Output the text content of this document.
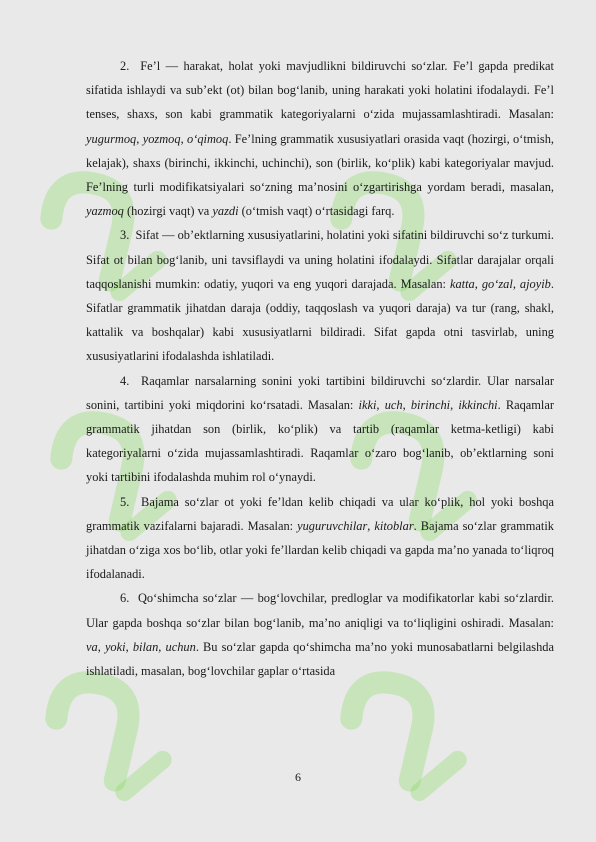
2.  Fe’l — harakat, holat yoki mavjudlikni bildiruvchi so‘zlar. Fe’l gapda predikat sifatida ishlaydi va sub’ekt (ot) bilan bog‘lanib, uning harakati yoki holatini ifodalaydi. Fe’l tenses, shaxs, son kabi grammatik kategoriyalarni o‘zida mujassamlashtiradi. Masalan: yugurmoq, yozmoq, o‘qimoq. Fe’lning grammatik xususiyatlari orasida vaqt (hozirgi, o‘tmish, kelajak), shaxs (birinchi, ikkinchi, uchinchi), son (birlik, ko‘plik) kabi kategoriyalar mavjud. Fe’lning turli modifikatsiyalari so‘zning ma’nosini o‘zgartirishga yordam beradi, masalan, yazmoq (hozirgi vaqt) va yazdi (o‘tmish vaqt) o‘rtasidagi farq.

3.  Sifat — ob’ektlarning xususiyatlarini, holatini yoki sifatini bildiruvchi so‘z turkumi. Sifat ot bilan bog‘lanib, uni tavsiflaydi va uning holatini ifodalaydi. Sifatlar darajalar orqali taqqoslanishi mumkin: odatiy, yuqori va eng yuqori darajada. Masalan: katta, go‘zal, ajoyib. Sifatlar grammatik jihatdan daraja (oddiy, taqqoslash va yuqori daraja) va tur (rang, shakl, kattalik va boshqalar) kabi xususiyatlarni bildiradi. Sifat gapda otni tasvirlab, uning xususiyatlarini ifodalashda ishlatiladi.

4.  Raqamlar narsalarning sonini yoki tartibini bildiruvchi so‘zlardir. Ular narsalar sonini, tartibini yoki miqdorini ko‘rsatadi. Masalan: ikki, uch, birinchi, ikkinchi. Raqamlar grammatik jihatdan son (birlik, ko‘plik) va tartib (raqamlar ketma-ketligi) kabi kategoriyalarni o‘zida mujassamlashtiradi. Raqamlar o‘zaro bog‘lanib, ob’ektlarning soni yoki tartibini ifodalashda muhim rol o‘ynaydi.

5.  Bajama so‘zlar ot yoki fe’ldan kelib chiqadi va ular ko‘plik, hol yoki boshqa grammatik vazifalarni bajaradi. Masalan: yuguruvchilar, kitoblar. Bajama so‘zlar grammatik jihatdan o‘ziga xos bo‘lib, otlar yoki fe’llardan kelib chiqadi va gapda ma’no yanada to‘liqroq ifodalanadi.

6.  Qo‘shimcha so‘zlar — bog‘lovchilar, predloglar va modifikatorlar kabi so‘zlardir. Ular gapda boshqa so‘zlar bilan bog‘lanib, ma’no aniqligi va to‘liqligini oshiradi. Masalan: va, yoki, bilan, uchun. Bu so‘zlar gapda qo‘shimcha ma’no yoki munosabatlarni belgilashda ishlatiladi, masalan, bog‘lovchilar gaplar o‘rtasida

6
